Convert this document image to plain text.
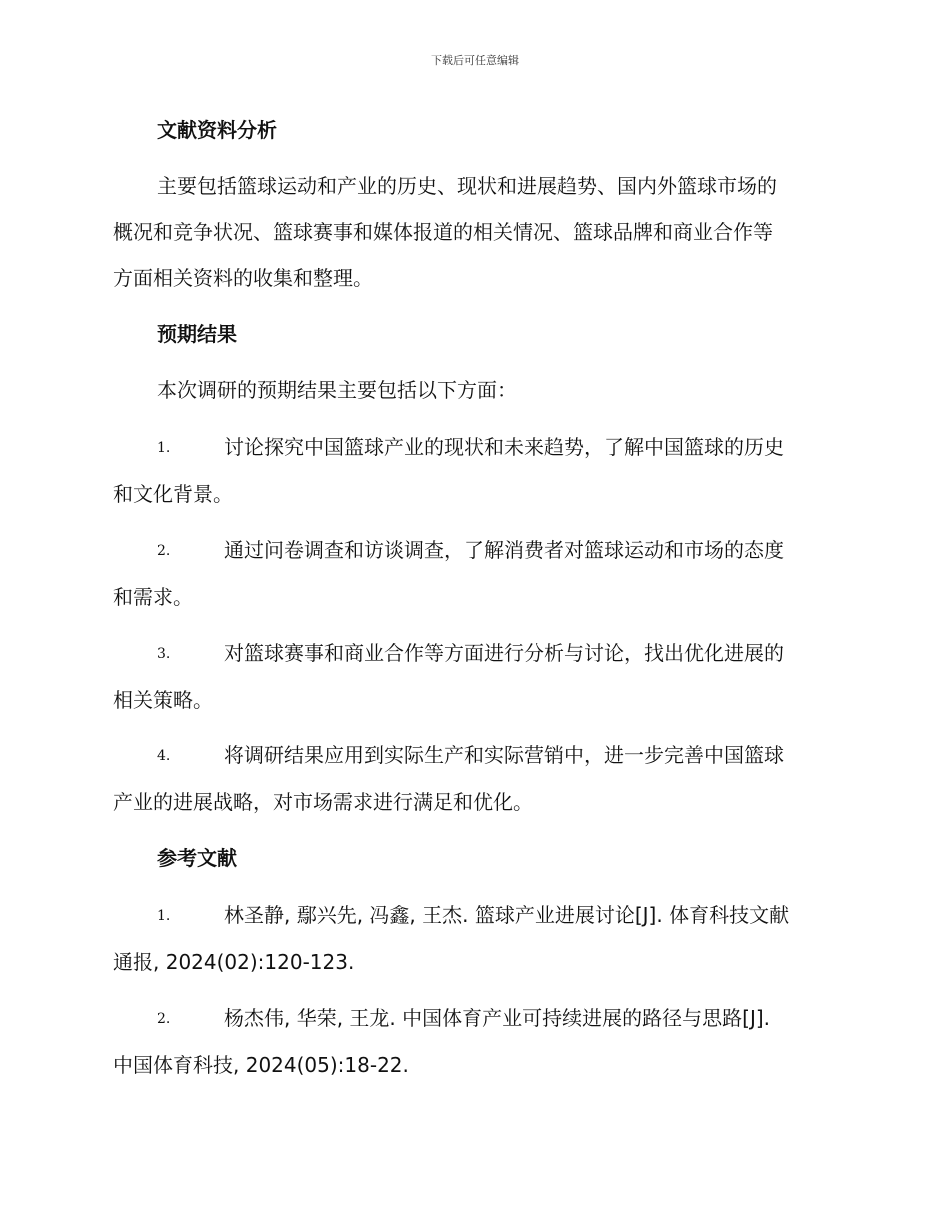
下载后可任意编辑
文献资料分析
主要包括篮球运动和产业的历史、现状和进展趋势、国内外篮球市场的
概况和竞争状况、篮球赛事和媒体报道的相关情况、篮球品牌和商业合作等
方面相关资料的收集和整理。
预期结果
本次调研的预期结果主要包括以下方面：
1.	讨论探究中国篮球产业的现状和未来趋势，了解中国篮球的历史
和文化背景。
2.	通过问卷调查和访谈调查，了解消费者对篮球运动和市场的态度
和需求。
3.	对篮球赛事和商业合作等方面进行分析与讨论，找出优化进展的
相关策略。
4.	将调研结果应用到实际生产和实际营销中，进一步完善中国篮球
产业的进展战略，对市场需求进行满足和优化。
参考文献
1.	林圣静, 鄢兴先, 冯鑫, 王杰. 篮球产业进展讨论[J]. 体育科技文献
通报, 2024(02):120-123.
2.	杨杰伟, 华荣, 王龙. 中国体育产业可持续进展的路径与思路[J].
中国体育科技, 2024(05):18-22.
